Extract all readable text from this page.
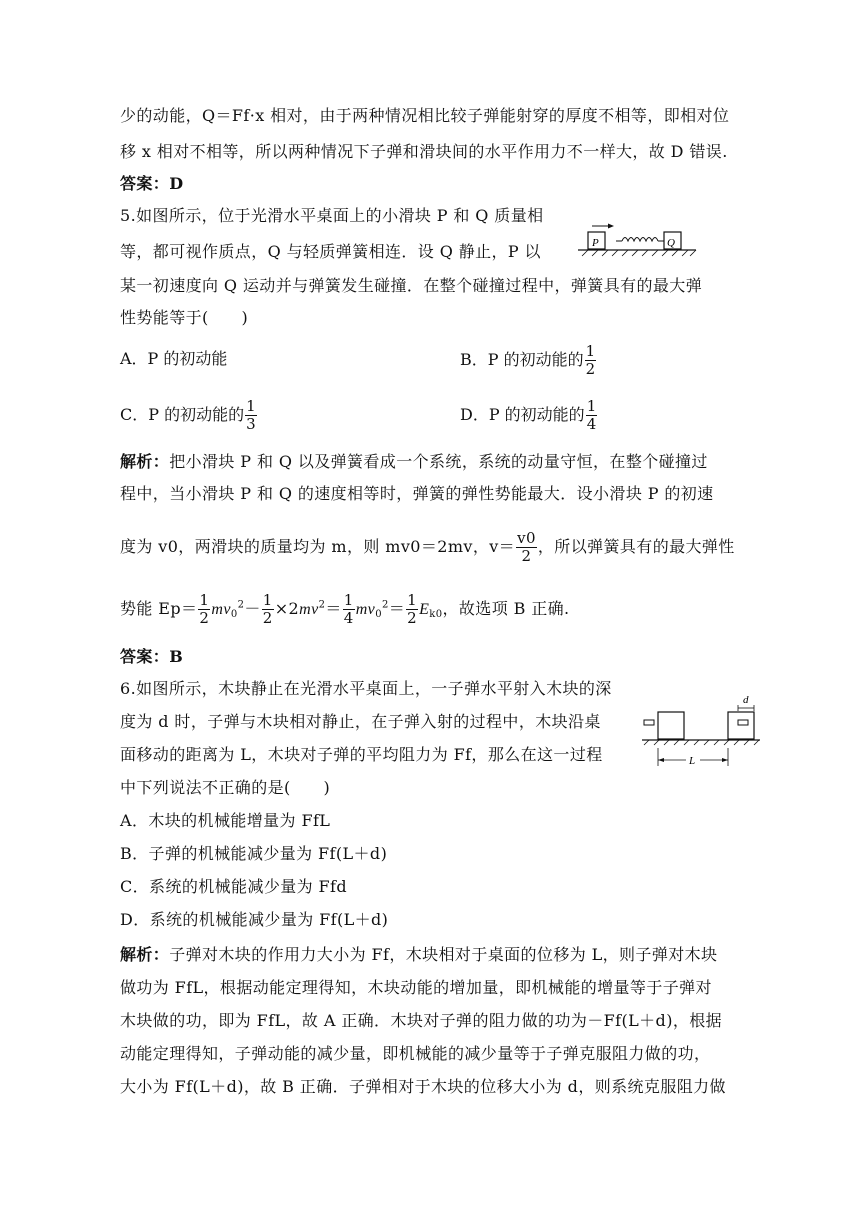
少的动能，Q＝Ff·x 相对，由于两种情况相比较子弹能射穿的厚度不相等，即相对位
移 x 相对不相等，所以两种情况下子弹和滑块间的水平作用力不一样大，故 D 错误.
答案：D
5.如图所示，位于光滑水平桌面上的小滑块 P 和 Q 质量相
等，都可视作质点，Q 与轻质弹簧相连．设 Q 静止，P 以	P	Q
某一初速度向 Q 运动并与弹簧发生碰撞．在整个碰撞过程中，弹簧具有的最大弹
性势能等于(　　)
A．P 的初动能	B．P 的初动能的 $\frac{1}{2}$
C．P 的初动能的 $\frac{1}{3}$	D．P 的初动能的 $\frac{1}{4}$
解析：把小滑块 P 和 Q 以及弹簧看成一个系统，系统的动量守恒，在整个碰撞过
程中，当小滑块 P 和 Q 的速度相等时，弹簧的弹性势能最大．设小滑块 P 的初速
度为 v0，两滑块的质量均为 m，则 mv0＝2mv，$v= \frac{v0}{2}$ ，所以弹簧具有的最大弹性
势能 $Ep= \frac{1}{2} mv_0^2- \frac{1}{2} \times 2mv^2= \frac{1}{4} mv_0^2= \frac{1}{2} E_{k0}$，故选项 B 正确.
答案：B
6.如图所示，木块静止在光滑水平桌面上，一子弹水平射入木块的深
度为 d 时，子弹与木块相对静止，在子弹入射的过程中，木块沿桌
面移动的距离为 L，木块对子弹的平均阻力为 Ff，那么在这一过程
中下列说法不正确的是(　　)
d
L
A．木块的机械能增量为 FfL
B．子弹的机械能减少量为 Ff(L＋d)
C．系统的机械能减少量为 Ffd
D．系统的机械能减少量为 Ff(L＋d)
解析：子弹对木块的作用力大小为 Ff，木块相对于桌面的位移为 L，则子弹对木块
做功为 FfL，根据动能定理得知，木块动能的增加量，即机械能的增量等于子弹对
木块做的功，即为 FfL，故 A 正确．木块对子弹的阻力做的功为－Ff(L＋d)，根据
动能定理得知，子弹动能的减少量，即机械能的减少量等于子弹克服阻力做的功，
大小为 Ff(L＋d)，故 B 正确．子弹相对于木块的位移大小为 d，则系统克服阻力做
